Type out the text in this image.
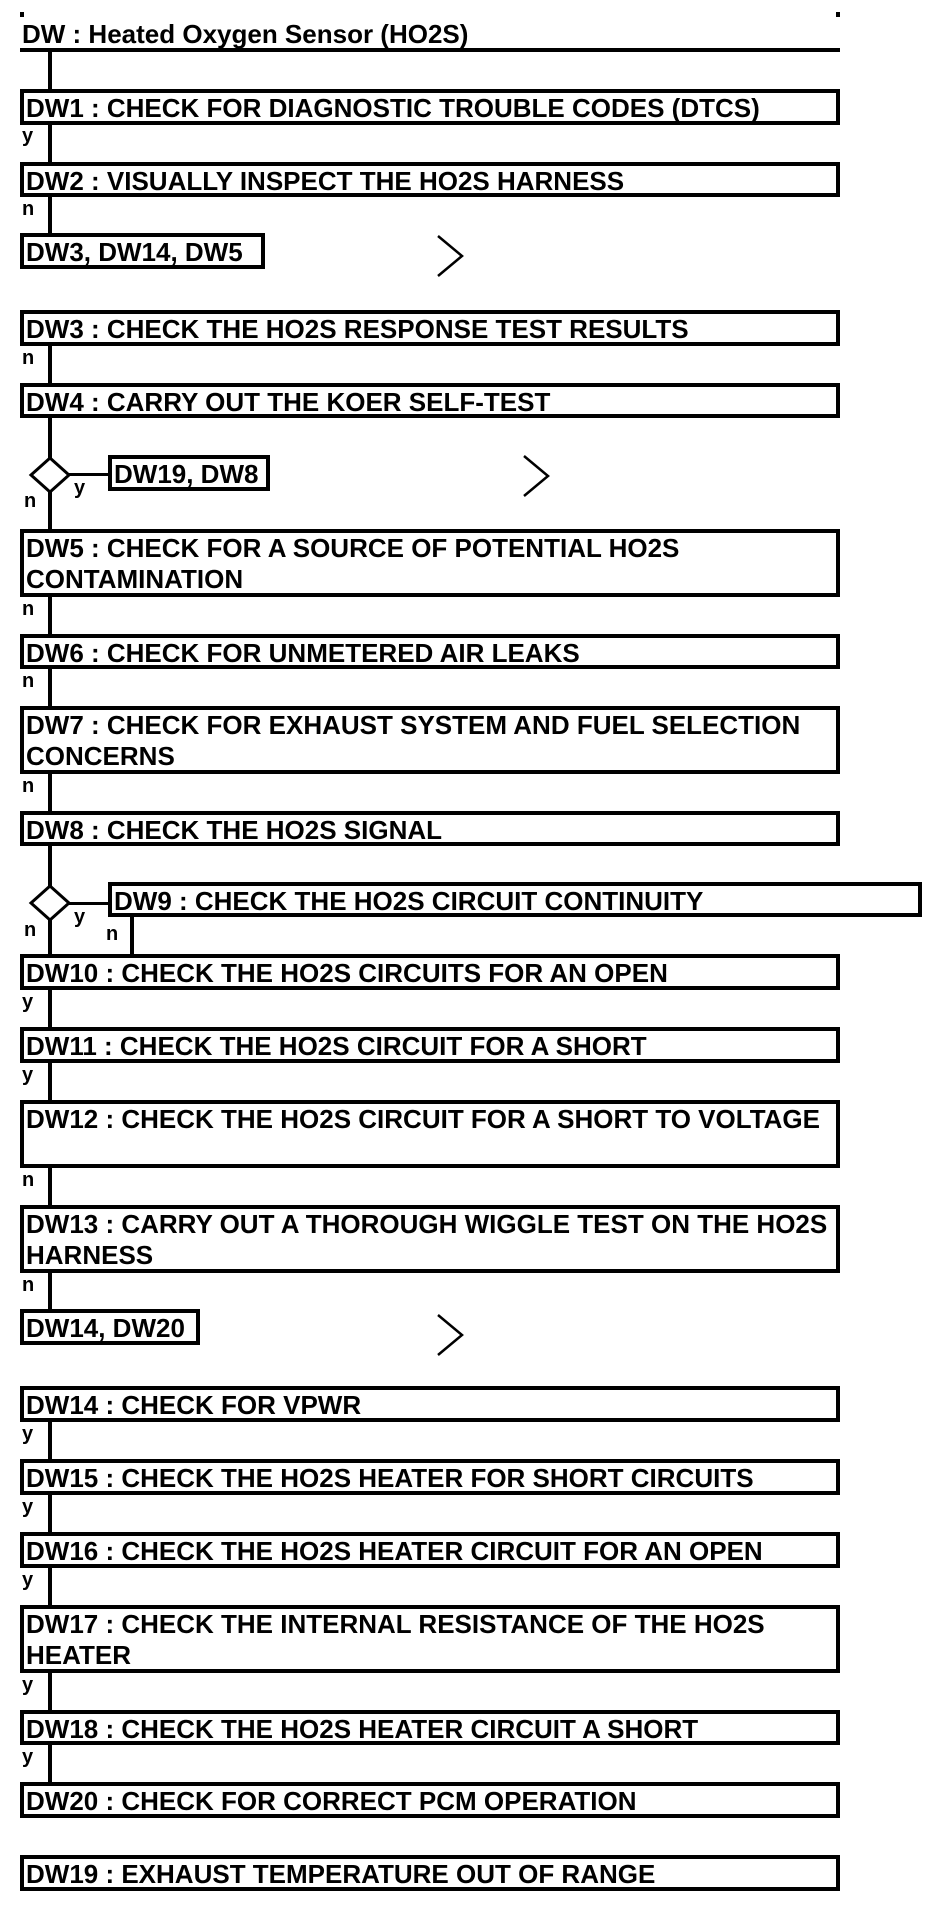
DW : Heated Oxygen Sensor (HO2S)
DW1 : CHECK FOR DIAGNOSTIC TROUBLE CODES (DTCS)
DW2 : VISUALLY INSPECT THE HO2S HARNESS
DW3, DW14, DW5
DW3 : CHECK THE HO2S RESPONSE TEST RESULTS
DW4 : CARRY OUT THE KOER SELF-TEST
DW19, DW8
DW5 : CHECK FOR A SOURCE OF POTENTIAL HO2S CONTAMINATION
DW6 : CHECK FOR UNMETERED AIR LEAKS
DW7 : CHECK FOR EXHAUST SYSTEM AND FUEL SELECTION CONCERNS
DW8 : CHECK THE HO2S SIGNAL
DW9 : CHECK THE HO2S CIRCUIT CONTINUITY
DW10 : CHECK THE HO2S CIRCUITS FOR AN OPEN
DW11 : CHECK THE HO2S CIRCUIT FOR A SHORT
DW12 : CHECK THE HO2S CIRCUIT FOR A SHORT TO VOLTAGE
DW13 : CARRY OUT A THOROUGH WIGGLE TEST ON THE HO2S HARNESS
DW14, DW20
DW14 : CHECK FOR VPWR
DW15 : CHECK THE HO2S HEATER FOR SHORT CIRCUITS
DW16 : CHECK THE HO2S HEATER CIRCUIT FOR AN OPEN
DW17 : CHECK THE INTERNAL RESISTANCE OF THE HO2S HEATER
DW18 : CHECK THE HO2S HEATER CIRCUIT A SHORT
DW20 : CHECK FOR CORRECT PCM OPERATION
DW19 : EXHAUST TEMPERATURE OUT OF RANGE
y
n
n
y
n
n
n
n
y
n	n
y
y
n
n
y
y
y
y
y
